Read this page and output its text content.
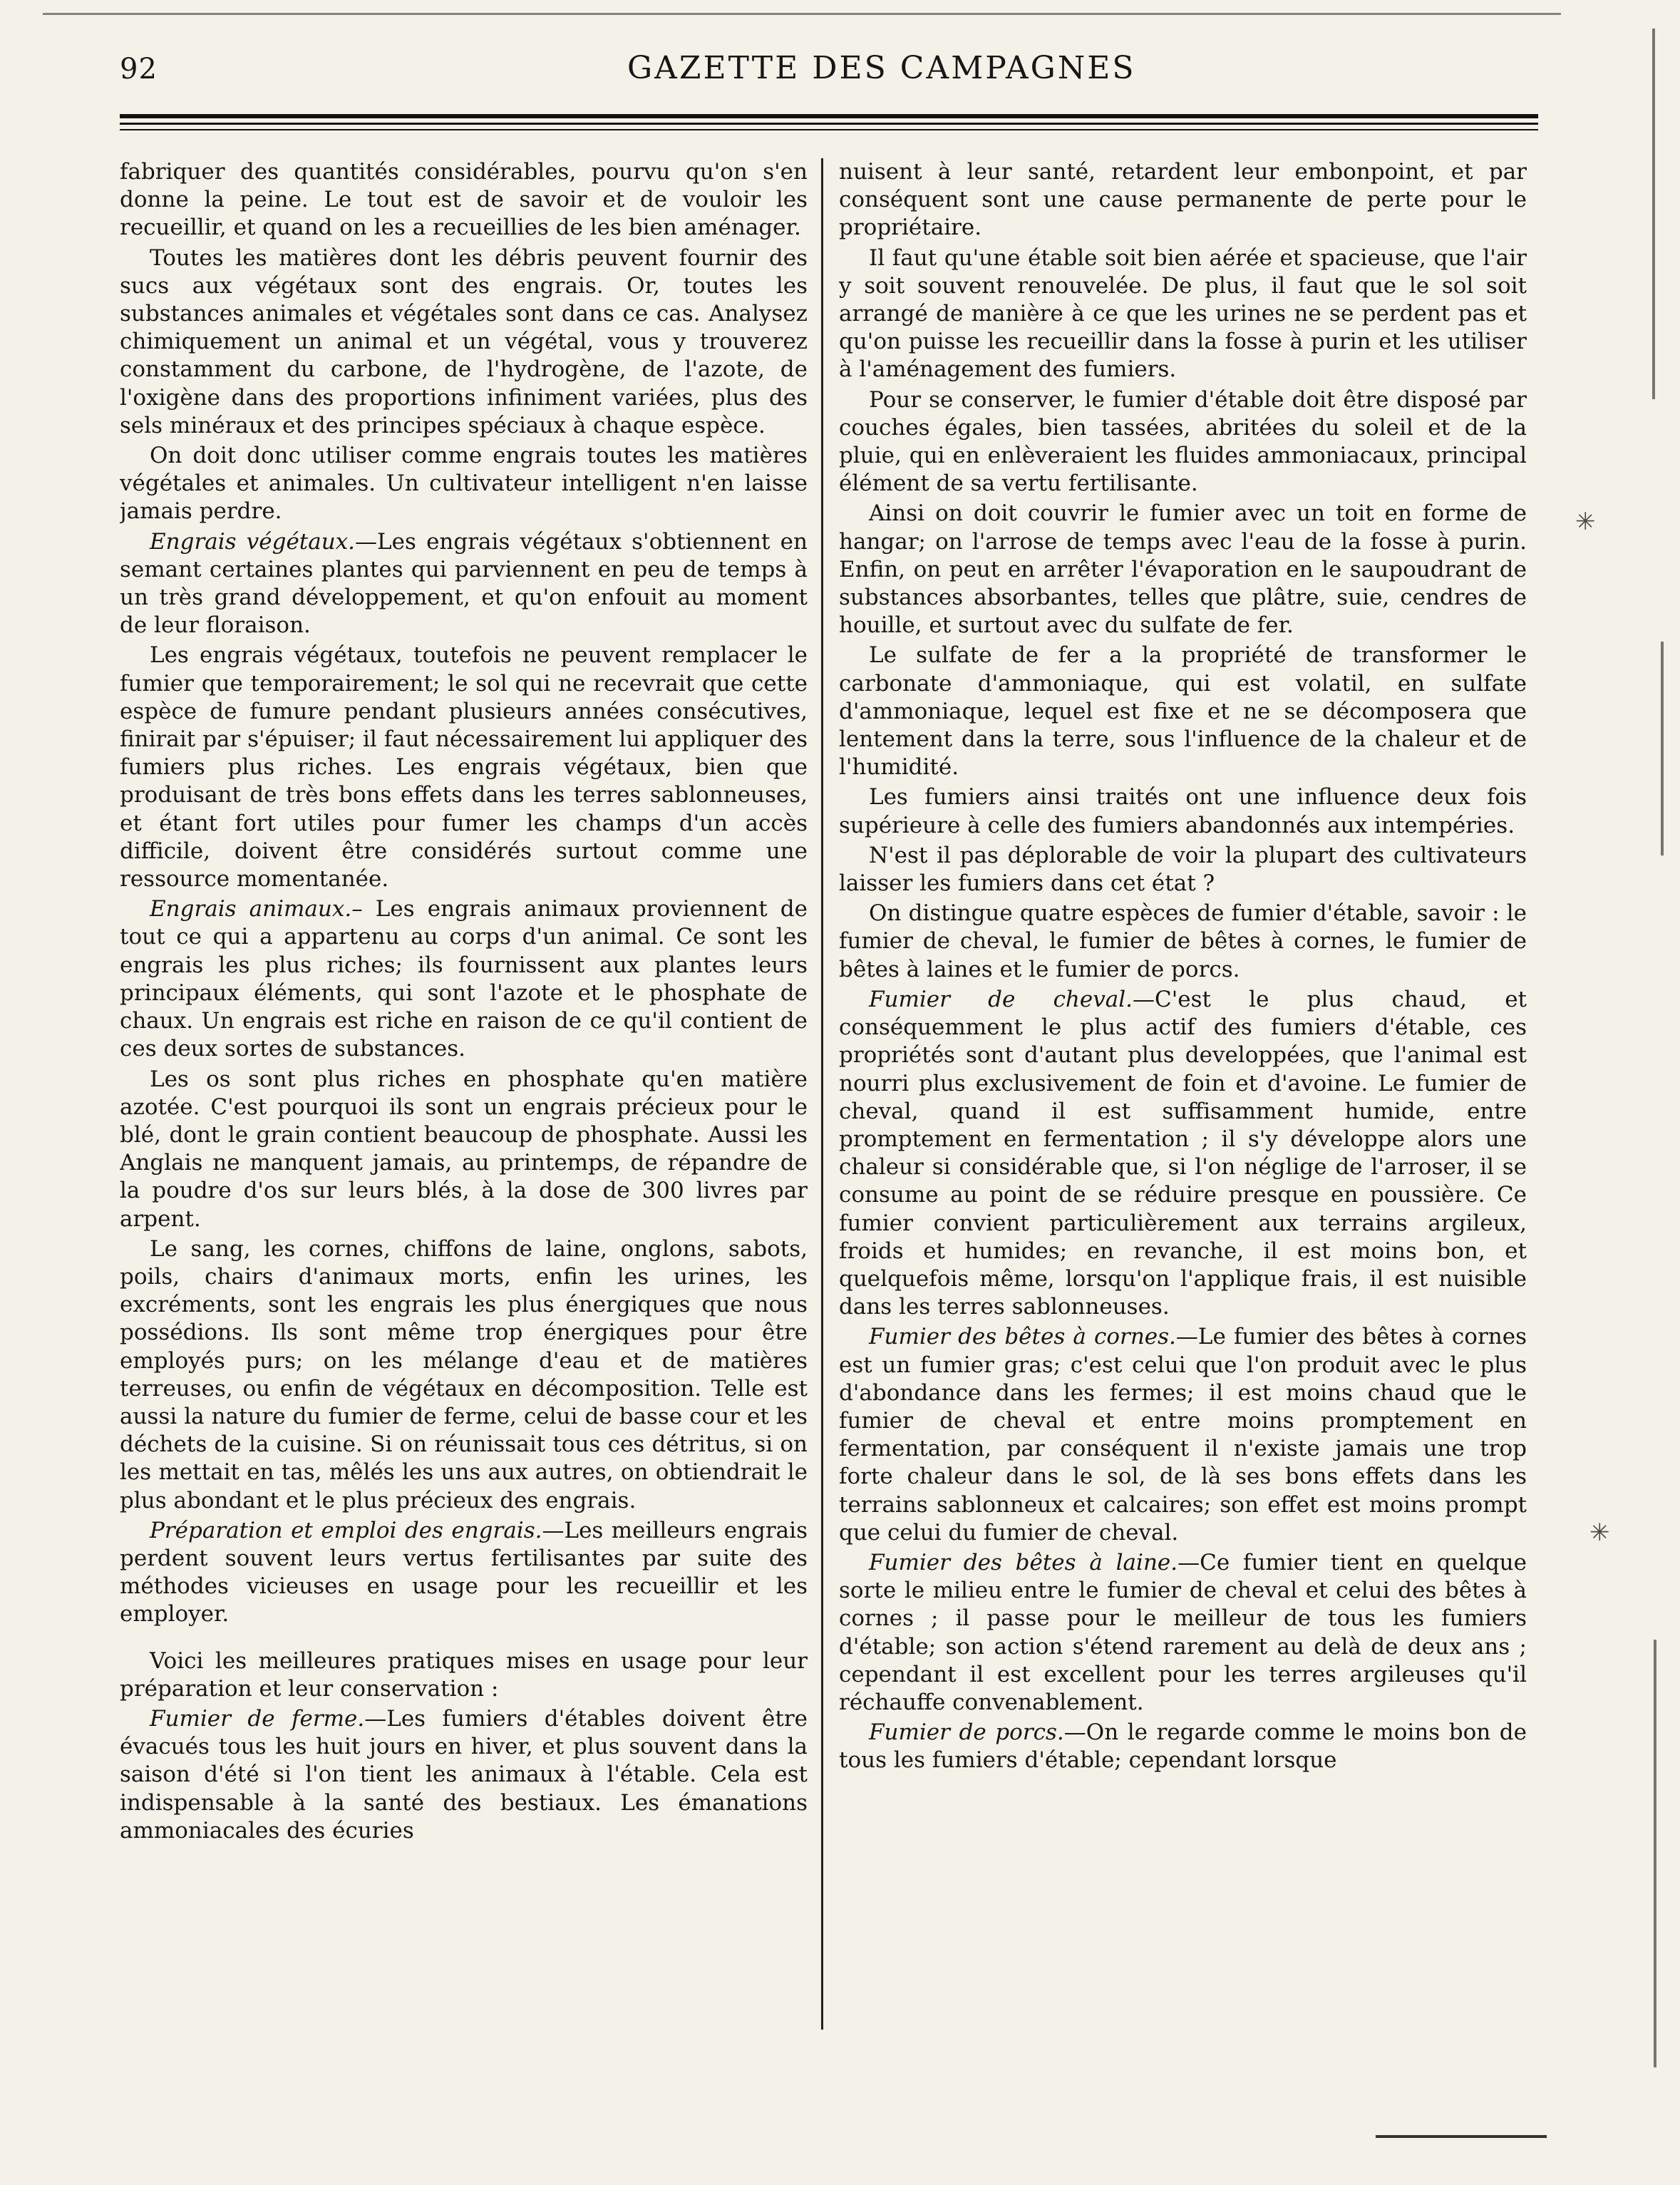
92	GAZETTE DES CAMPAGNES

fabriquer des quantités considérables, pourvu qu'on s'en donne la peine. Le tout est de savoir et de vouloir les recueillir, et quand on les a recueillies de les bien aménager.

Toutes les matières dont les débris peuvent fournir des sucs aux végétaux sont des engrais. Or, toutes les substances animales et végétales sont dans ce cas. Analysez chimiquement un animal et un végétal, vous y trouverez constamment du carbone, de l'hydrogène, de l'azote, de l'oxigène dans des proportions infiniment variées, plus des sels minéraux et des principes spéciaux à chaque espèce.

On doit donc utiliser comme engrais toutes les matières végétales et animales. Un cultivateur intelligent n'en laisse jamais perdre.

Engrais végétaux.—Les engrais végétaux s'obtiennent en semant certaines plantes qui parviennent en peu de temps à un très grand développement, et qu'on enfouit au moment de leur floraison.

Les engrais végétaux, toutefois ne peuvent remplacer le fumier que temporairement; le sol qui ne recevrait que cette espèce de fumure pendant plusieurs années consécutives, finirait par s'épuiser; il faut nécessairement lui appliquer des fumiers plus riches. Les engrais végétaux, bien que produisant de très bons effets dans les terres sablonneuses, et étant fort utiles pour fumer les champs d'un accès difficile, doivent être considérés surtout comme une ressource momentanée.

Engrais animaux.– Les engrais animaux proviennent de tout ce qui a appartenu au corps d'un animal. Ce sont les engrais les plus riches; ils fournissent aux plantes leurs principaux éléments, qui sont l'azote et le phosphate de chaux. Un engrais est riche en raison de ce qu'il contient de ces deux sortes de substances.

Les os sont plus riches en phosphate qu'en matière azotée. C'est pourquoi ils sont un engrais précieux pour le blé, dont le grain contient beaucoup de phosphate. Aussi les Anglais ne manquent jamais, au printemps, de répandre de la poudre d'os sur leurs blés, à la dose de 300 livres par arpent.

Le sang, les cornes, chiffons de laine, onglons, sabots, poils, chairs d'animaux morts, enfin les urines, les excréments, sont les engrais les plus énergiques que nous possédions. Ils sont même trop énergiques pour être employés purs; on les mélange d'eau et de matières terreuses, ou enfin de végétaux en décomposition. Telle est aussi la nature du fumier de ferme, celui de basse cour et les déchets de la cuisine. Si on réunissait tous ces détritus, si on les mettait en tas, mêlés les uns aux autres, on obtiendrait le plus abondant et le plus précieux des engrais.

Préparation et emploi des engrais.—Les meilleurs engrais perdent souvent leurs vertus fertilisantes par suite des méthodes vicieuses en usage pour les recueillir et les employer.

Voici les meilleures pratiques mises en usage pour leur préparation et leur conservation :

Fumier de ferme.—Les fumiers d'étables doivent être évacués tous les huit jours en hiver, et plus souvent dans la saison d'été si l'on tient les animaux à l'étable. Cela est indispensable à la santé des bestiaux. Les émanations ammoniacales des écuries

nuisent à leur santé, retardent leur embonpoint, et par conséquent sont une cause permanente de perte pour le propriétaire.

Il faut qu'une étable soit bien aérée et spacieuse, que l'air y soit souvent renouvelée. De plus, il faut que le sol soit arrangé de manière à ce que les urines ne se perdent pas et qu'on puisse les recueillir dans la fosse à purin et les utiliser à l'aménagement des fumiers.

Pour se conserver, le fumier d'étable doit être disposé par couches égales, bien tassées, abritées du soleil et de la pluie, qui en enlèveraient les fluides ammoniacaux, principal élément de sa vertu fertilisante.

Ainsi on doit couvrir le fumier avec un toit en forme de hangar; on l'arrose de temps avec l'eau de la fosse à purin. Enfin, on peut en arrêter l'évaporation en le saupoudrant de substances absorbantes, telles que plâtre, suie, cendres de houille, et surtout avec du sulfate de fer.

Le sulfate de fer a la propriété de transformer le carbonate d'ammoniaque, qui est volatil, en sulfate d'ammoniaque, lequel est fixe et ne se décomposera que lentement dans la terre, sous l'influence de la chaleur et de l'humidité.

Les fumiers ainsi traités ont une influence deux fois supérieure à celle des fumiers abandonnés aux intempéries.

N'est il pas déplorable de voir la plupart des cultivateurs laisser les fumiers dans cet état ?

On distingue quatre espèces de fumier d'étable, savoir : le fumier de cheval, le fumier de bêtes à cornes, le fumier de bêtes à laines et le fumier de porcs.

Fumier de cheval.—C'est le plus chaud, et conséquemment le plus actif des fumiers d'étable, ces propriétés sont d'autant plus developpées, que l'animal est nourri plus exclusivement de foin et d'avoine. Le fumier de cheval, quand il est suffisamment humide, entre promptement en fermentation ; il s'y développe alors une chaleur si considérable que, si l'on néglige de l'arroser, il se consume au point de se réduire presque en poussière. Ce fumier convient particulièrement aux terrains argileux, froids et humides; en revanche, il est moins bon, et quelquefois même, lorsqu'on l'applique frais, il est nuisible dans les terres sablonneuses.

Fumier des bêtes à cornes.—Le fumier des bêtes à cornes est un fumier gras; c'est celui que l'on produit avec le plus d'abondance dans les fermes; il est moins chaud que le fumier de cheval et entre moins promptement en fermentation, par conséquent il n'existe jamais une trop forte chaleur dans le sol, de là ses bons effets dans les terrains sablonneux et calcaires; son effet est moins prompt que celui du fumier de cheval.

Fumier des bêtes à laine.—Ce fumier tient en quelque sorte le milieu entre le fumier de cheval et celui des bêtes à cornes ; il passe pour le meilleur de tous les fumiers d'étable; son action s'étend rarement au delà de deux ans ; cependant il est excellent pour les terres argileuses qu'il réchauffe convenablement.

Fumier de porcs.—On le regarde comme le moins bon de tous les fumiers d'étable; cependant lorsque

✳
✳
